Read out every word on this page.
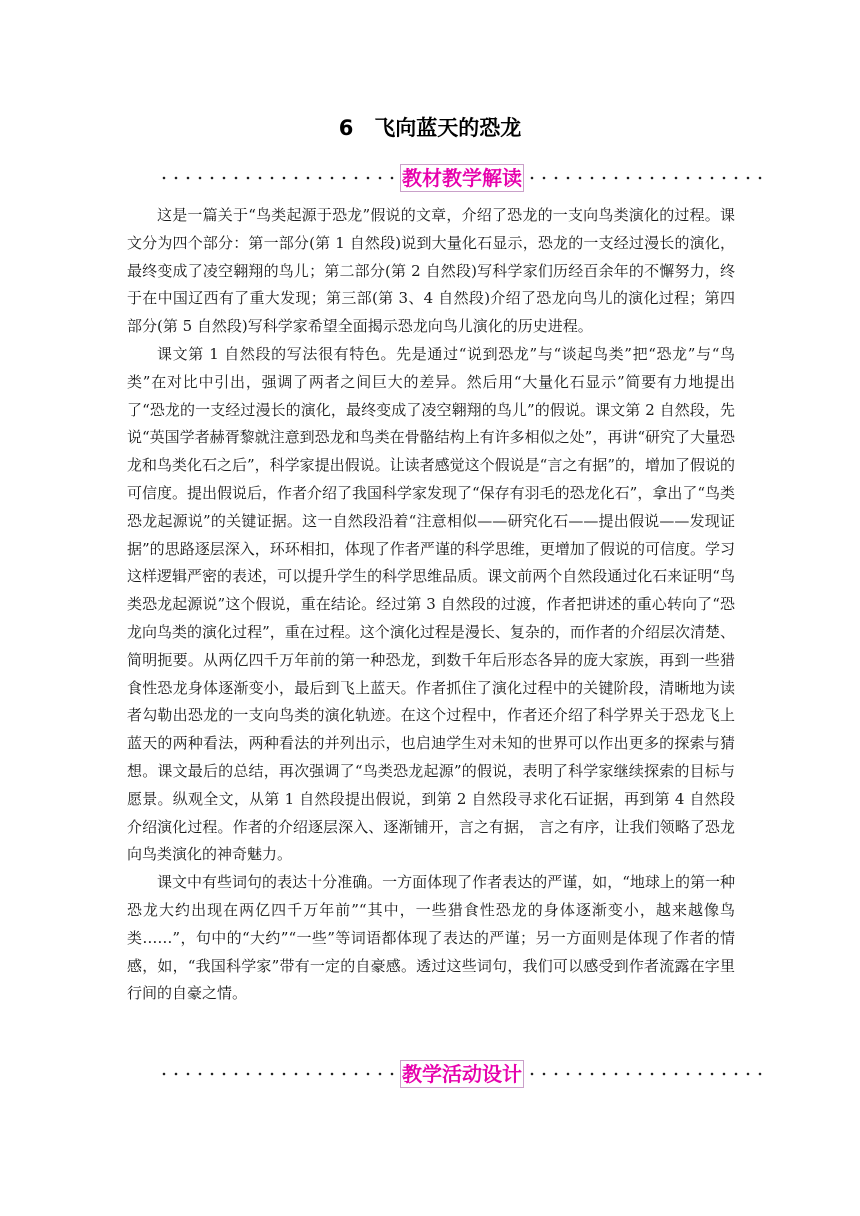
6　飞向蓝天的恐龙
教材教学解读

这是一篇关于“鸟类起源于恐龙”假说的文章，介绍了恐龙的一支向鸟类演化的过程。课文分为四个部分：第一部分(第 1 自然段)说到大量化石显示，恐龙的一支经过漫长的演化，最终变成了凌空翱翔的鸟儿；第二部分(第 2 自然段)写科学家们历经百余年的不懈努力，终于在中国辽西有了重大发现；第三部(第 3、4 自然段)介绍了恐龙向鸟儿的演化过程；第四部分(第 5 自然段)写科学家希望全面揭示恐龙向鸟儿演化的历史进程。

课文第 1 自然段的写法很有特色。先是通过“说到恐龙”与“谈起鸟类”把“恐龙”与“鸟类”在对比中引出，强调了两者之间巨大的差异。然后用“大量化石显示”简要有力地提出了“恐龙的一支经过漫长的演化，最终变成了凌空翱翔的鸟儿”的假说。课文第 2 自然段，先说“英国学者赫胥黎就注意到恐龙和鸟类在骨骼结构上有许多相似之处”，再讲“研究了大量恐龙和鸟类化石之后”，科学家提出假说。让读者感觉这个假说是“言之有据”的，增加了假说的可信度。提出假说后，作者介绍了我国科学家发现了“保存有羽毛的恐龙化石”，拿出了“鸟类恐龙起源说”的关键证据。这一自然段沿着“注意相似——研究化石——提出假说——发现证据”的思路逐层深入，环环相扣，体现了作者严谨的科学思维，更增加了假说的可信度。学习这样逻辑严密的表述，可以提升学生的科学思维品质。课文前两个自然段通过化石来证明“鸟类恐龙起源说”这个假说，重在结论。经过第 3 自然段的过渡，作者把讲述的重心转向了“恐龙向鸟类的演化过程”，重在过程。这个演化过程是漫长、复杂的，而作者的介绍层次清楚、简明扼要。从两亿四千万年前的第一种恐龙，到数千年后形态各异的庞大家族，再到一些猎食性恐龙身体逐渐变小，最后到飞上蓝天。作者抓住了演化过程中的关键阶段，清晰地为读者勾勒出恐龙的一支向鸟类的演化轨迹。在这个过程中，作者还介绍了科学界关于恐龙飞上蓝天的两种看法，两种看法的并列出示，也启迪学生对未知的世界可以作出更多的探索与猜想。课文最后的总结，再次强调了“鸟类恐龙起源”的假说，表明了科学家继续探索的目标与愿景。纵观全文，从第 1 自然段提出假说，到第 2 自然段寻求化石证据，再到第 4 自然段介绍演化过程。作者的介绍逐层深入、逐渐铺开，言之有据， 言之有序，让我们领略了恐龙向鸟类演化的神奇魅力。

课文中有些词句的表达十分准确。一方面体现了作者表达的严谨，如，“地球上的第一种恐龙大约出现在两亿四千万年前”“其中，一些猎食性恐龙的身体逐渐变小，越来越像鸟类……”，句中的“大约”“一些”等词语都体现了表达的严谨；另一方面则是体现了作者的情感，如，“我国科学家”带有一定的自豪感。透过这些词句，我们可以感受到作者流露在字里行间的自豪之情。

教学活动设计
